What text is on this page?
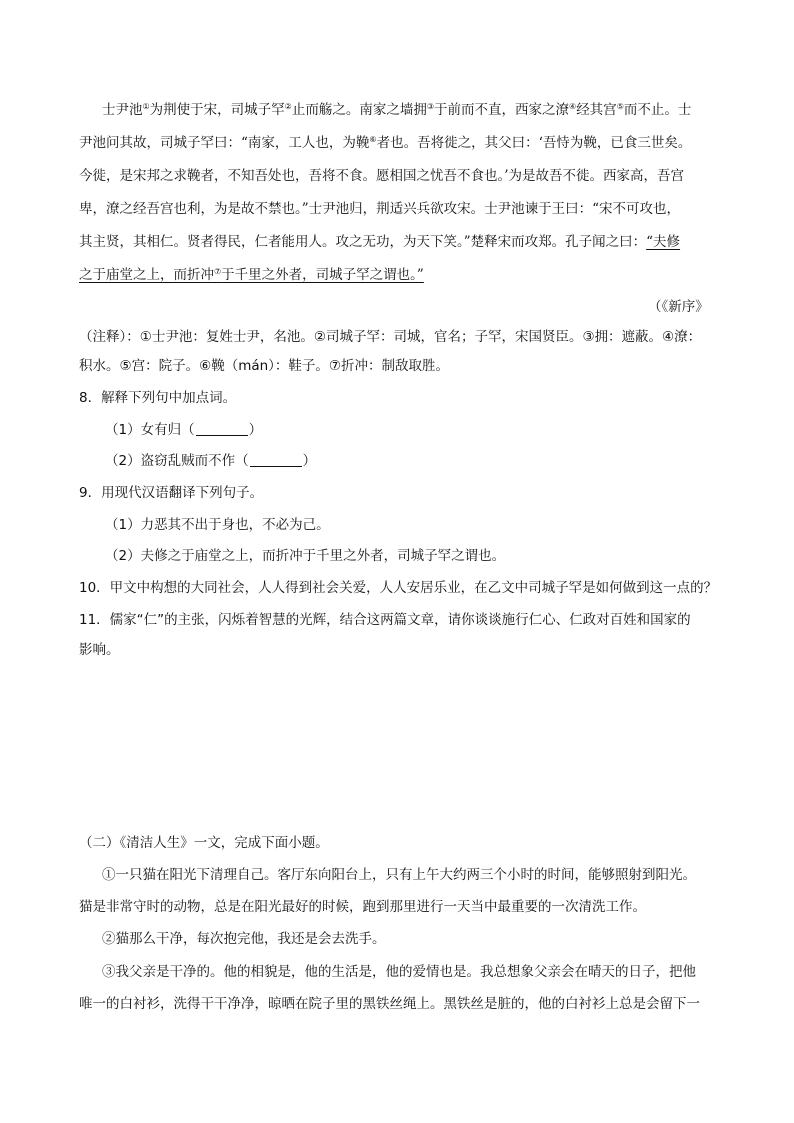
士尹池①为荆使于宋，司城子罕②止而觞之。南家之墙拥③于前而不直，西家之潦④经其宫⑤而不止。士
尹池问其故，司城子罕曰：“南家，工人也，为鞔⑥者也。吾将徙之，其父曰：‘吾恃为鞔，已食三世矣。
今徙，是宋邦之求鞔者，不知吾处也，吾将不食。愿相国之忧吾不食也。’为是故吾不徙。西家高，吾宫
卑，潦之经吾宫也利，为是故不禁也。”士尹池归，荆适兴兵欲攻宋。士尹池谏于王曰：“宋不可攻也，
其主贤，其相仁。贤者得民，仁者能用人。攻之无功，为天下笑。”楚释宋而攻郑。孔子闻之曰：“夫修
之于庙堂之上，而折冲⑦于千里之外者，司城子罕之谓也。”
（《新序》
（注释）：①士尹池：复姓士尹，名池。②司城子罕：司城，官名；子罕，宋国贤臣。③拥：遮蔽。④潦：
积水。⑤宫：院子。⑥鞔（mán）：鞋子。⑦折冲：制敌取胜。
8．解释下列句中加点词。
（1）女有归（	）
（2）盗窃乱贼而不作（	）
9．用现代汉语翻译下列句子。
（1）力恶其不出于身也，不必为己。
（2）夫修之于庙堂之上，而折冲于千里之外者，司城子罕之谓也。
10．甲文中构想的大同社会，人人得到社会关爱，人人安居乐业，在乙文中司城子罕是如何做到这一点的？
11．儒家“仁”的主张，闪烁着智慧的光辉，结合这两篇文章，请你谈谈施行仁心、仁政对百姓和国家的
影响。
（二）《清洁人生》一文，完成下面小题。
①一只猫在阳光下清理自己。客厅东向阳台上，只有上午大约两三个小时的时间，能够照射到阳光。
猫是非常守时的动物，总是在阳光最好的时候，跑到那里进行一天当中最重要的一次清洗工作。
②猫那么干净，每次抱完他，我还是会去洗手。
③我父亲是干净的。他的相貌是，他的生活是，他的爱情也是。我总想象父亲会在晴天的日子，把他
唯一的白衬衫，洗得干干净净，晾晒在院子里的黑铁丝绳上。黑铁丝是脏的，他的白衬衫上总是会留下一
